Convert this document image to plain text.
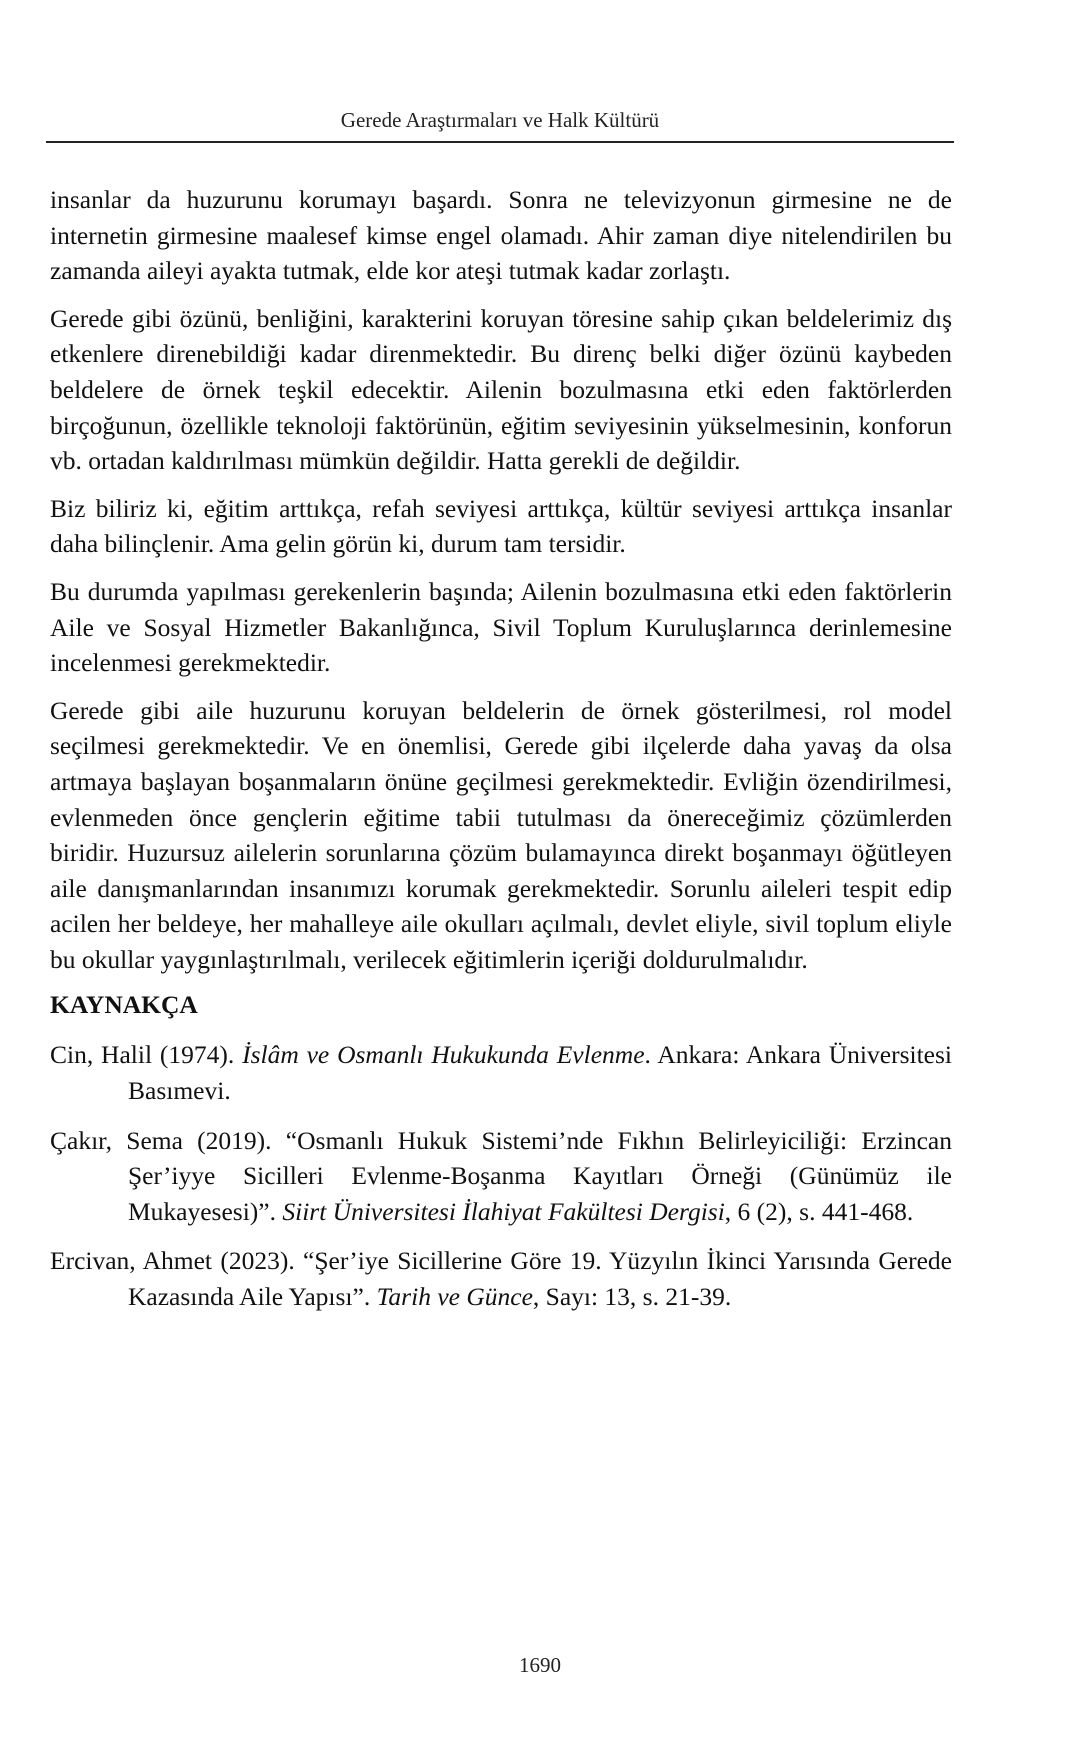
Gerede Araştırmaları ve Halk Kültürü

insanlar da huzurunu korumayı başardı. Sonra ne televizyonun girmesine ne de internetin girmesine maalesef kimse engel olamadı. Ahir zaman diye nitelendirilen bu zamanda aileyi ayakta tutmak, elde kor ateşi tutmak kadar zorlaştı.

Gerede gibi özünü, benliğini, karakterini koruyan töresine sahip çıkan beldelerimiz dış etkenlere direnebildiği kadar direnmektedir. Bu direnç belki diğer özünü kaybeden beldelere de örnek teşkil edecektir. Ailenin bozulmasına etki eden faktörlerden birçoğunun, özellikle teknoloji faktörünün, eğitim seviyesinin yükselmesinin, konforun vb. ortadan kaldırılması mümkün değildir. Hatta gerekli de değildir.

Biz biliriz ki, eğitim arttıkça, refah seviyesi arttıkça, kültür seviyesi arttıkça insanlar daha bilinçlenir. Ama gelin görün ki, durum tam tersidir.

Bu durumda yapılması gerekenlerin başında; Ailenin bozulmasına etki eden faktörlerin Aile ve Sosyal Hizmetler Bakanlığınca, Sivil Toplum Kuruluşlarınca derinlemesine incelenmesi gerekmektedir.

Gerede gibi aile huzurunu koruyan beldelerin de örnek gösterilmesi, rol model seçilmesi gerekmektedir. Ve en önemlisi, Gerede gibi ilçelerde daha yavaş da olsa artmaya başlayan boşanmaların önüne geçilmesi gerekmektedir. Evliğin özendirilmesi, evlenmeden önce gençlerin eğitime tabii tutulması da önereceğimiz çözümlerden biridir. Huzursuz ailelerin sorunlarına çözüm bulamayınca direkt boşanmayı öğütleyen aile danışmanlarından insanımızı korumak gerekmektedir. Sorunlu aileleri tespit edip acilen her beldeye, her mahalleye aile okulları açılmalı, devlet eliyle, sivil toplum eliyle bu okullar yaygınlaştırılmalı, verilecek eğitimlerin içeriği doldurulmalıdır.

KAYNAKÇA

Cin, Halil (1974). İslâm ve Osmanlı Hukukunda Evlenme. Ankara: Ankara Üniversitesi Basımevi.

Çakır, Sema (2019). “Osmanlı Hukuk Sistemi’nde Fıkhın Belirleyiciliği: Erzincan Şer’iyye Sicilleri Evlenme-Boşanma Kayıtları Örneği (Günümüz ile Mukayesesi)”. Siirt Üniversitesi İlahiyat Fakültesi Dergisi, 6 (2), s. 441-468.

Ercivan, Ahmet (2023). “Şer’iye Sicillerine Göre 19. Yüzyılın İkinci Yarısında Gerede Kazasında Aile Yapısı”. Tarih ve Günce, Sayı: 13, s. 21-39.

1690
